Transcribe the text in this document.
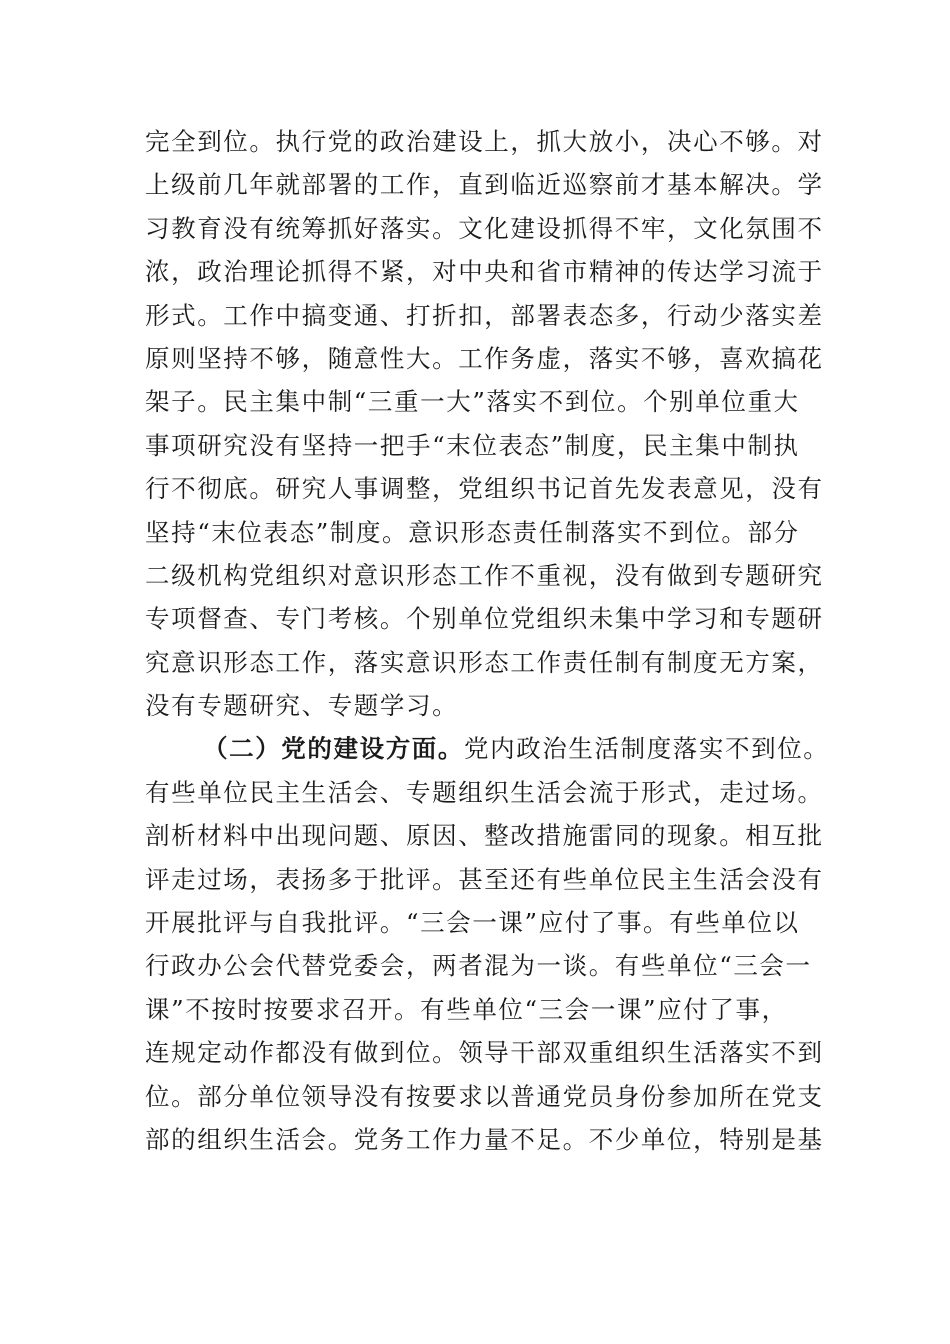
完全到位。执行党的政治建设上，抓大放小，决心不够。对
上级前几年就部署的工作，直到临近巡察前才基本解决。学
习教育没有统筹抓好落实。文化建设抓得不牢，文化氛围不
浓，政治理论抓得不紧，对中央和省市精神的传达学习流于
形式。工作中搞变通、打折扣，部署表态多，行动少落实差
原则坚持不够，随意性大。工作务虚，落实不够，喜欢搞花
架子。民主集中制“三重一大”落实不到位。个别单位重大
事项研究没有坚持一把手“末位表态”制度，民主集中制执
行不彻底。研究人事调整，党组织书记首先发表意见，没有
坚持“末位表态”制度。意识形态责任制落实不到位。部分
二级机构党组织对意识形态工作不重视，没有做到专题研究
专项督查、专门考核。个别单位党组织未集中学习和专题研
究意识形态工作，落实意识形态工作责任制有制度无方案，
没有专题研究、专题学习。
（二）党的建设方面。党内政治生活制度落实不到位。
有些单位民主生活会、专题组织生活会流于形式，走过场。
剖析材料中出现问题、原因、整改措施雷同的现象。相互批
评走过场，表扬多于批评。甚至还有些单位民主生活会没有
开展批评与自我批评。“三会一课”应付了事。有些单位以
行政办公会代替党委会，两者混为一谈。有些单位“三会一
课”不按时按要求召开。有些单位“三会一课”应付了事，
连规定动作都没有做到位。领导干部双重组织生活落实不到
位。部分单位领导没有按要求以普通党员身份参加所在党支
部的组织生活会。党务工作力量不足。不少单位，特别是基
